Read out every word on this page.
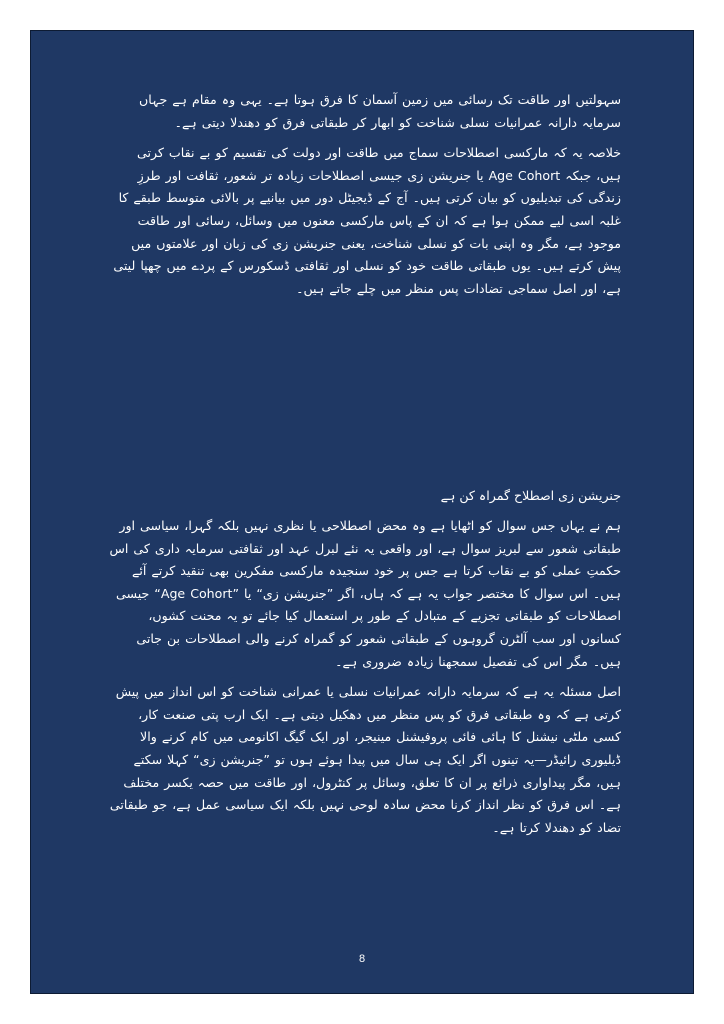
سہولتیں اور طاقت تک رسائی میں زمین آسمان کا فرق ہوتا ہے۔ یہی وہ مقام ہے جہاں سرمایہ دارانہ عمرانیات نسلی شناخت کو ابھار کر طبقاتی فرق کو دھندلا دیتی ہے۔

خلاصہ یہ کہ مارکسی اصطلاحات سماج میں طاقت اور دولت کی تقسیم کو بے نقاب کرتی ہیں، جبکہ Age Cohort یا جنریشن زی جیسی اصطلاحات زیادہ تر شعور، ثقافت اور طرزِ زندگی کی تبدیلیوں کو بیان کرتی ہیں۔ آج کے ڈیجیٹل دور میں بیانیے پر بالائی متوسط طبقے کا غلبہ اسی لیے ممکن ہوا ہے کہ ان کے پاس مارکسی معنوں میں وسائل، رسائی اور طاقت موجود ہے، مگر وہ اپنی بات کو نسلی شناخت، یعنی جنریشن زی کی زبان اور علامتوں میں پیش کرتے ہیں۔ یوں طبقاتی طاقت خود کو نسلی اور ثقافتی ڈسکورس کے پردے میں چھپا لیتی ہے، اور اصل سماجی تضادات پس منظر میں چلے جاتے ہیں۔

جنریشن زی اصطلاح گمراہ کن ہے

ہم نے یہاں جس سوال کو اٹھایا ہے وہ محض اصطلاحی یا نظری نہیں بلکہ گہرا، سیاسی اور طبقاتی شعور سے لبریز سوال ہے، اور واقعی یہ نئے لبرل عہد اور ثقافتی سرمایہ داری کی اس حکمتِ عملی کو بے نقاب کرتا ہے جس پر خود سنجیدہ مارکسی مفکرین بھی تنقید کرتے آئے ہیں۔ اس سوال کا مختصر جواب یہ ہے کہ ہاں، اگر ”جنریشن زی“ یا ”Age Cohort“ جیسی اصطلاحات کو طبقاتی تجزیے کے متبادل کے طور پر استعمال کیا جائے تو یہ محنت کشوں، کسانوں اور سب آلٹرن گروہوں کے طبقاتی شعور کو گمراہ کرنے والی اصطلاحات بن جاتی ہیں۔ مگر اس کی تفصیل سمجھنا زیادہ ضروری ہے۔

اصل مسئلہ یہ ہے کہ سرمایہ دارانہ عمرانیات نسلی یا عمرانی شناخت کو اس انداز میں پیش کرتی ہے کہ وہ طبقاتی فرق کو پس منظر میں دھکیل دیتی ہے۔ ایک ارب پتی صنعت کار، کسی ملٹی نیشنل کا ہائی فائی پروفیشنل مینیجر، اور ایک گیگ اکانومی میں کام کرنے والا ڈیلیوری رائیڈر—یہ تینوں اگر ایک ہی سال میں پیدا ہوئے ہوں تو ”جنریشن زی“ کہلا سکتے ہیں، مگر پیداواری ذرائع پر ان کا تعلق، وسائل پر کنٹرول، اور طاقت میں حصہ یکسر مختلف ہے۔ اس فرق کو نظر انداز کرنا محض سادہ لوحی نہیں بلکہ ایک سیاسی عمل ہے، جو طبقاتی تضاد کو دھندلا کرتا ہے۔

8
